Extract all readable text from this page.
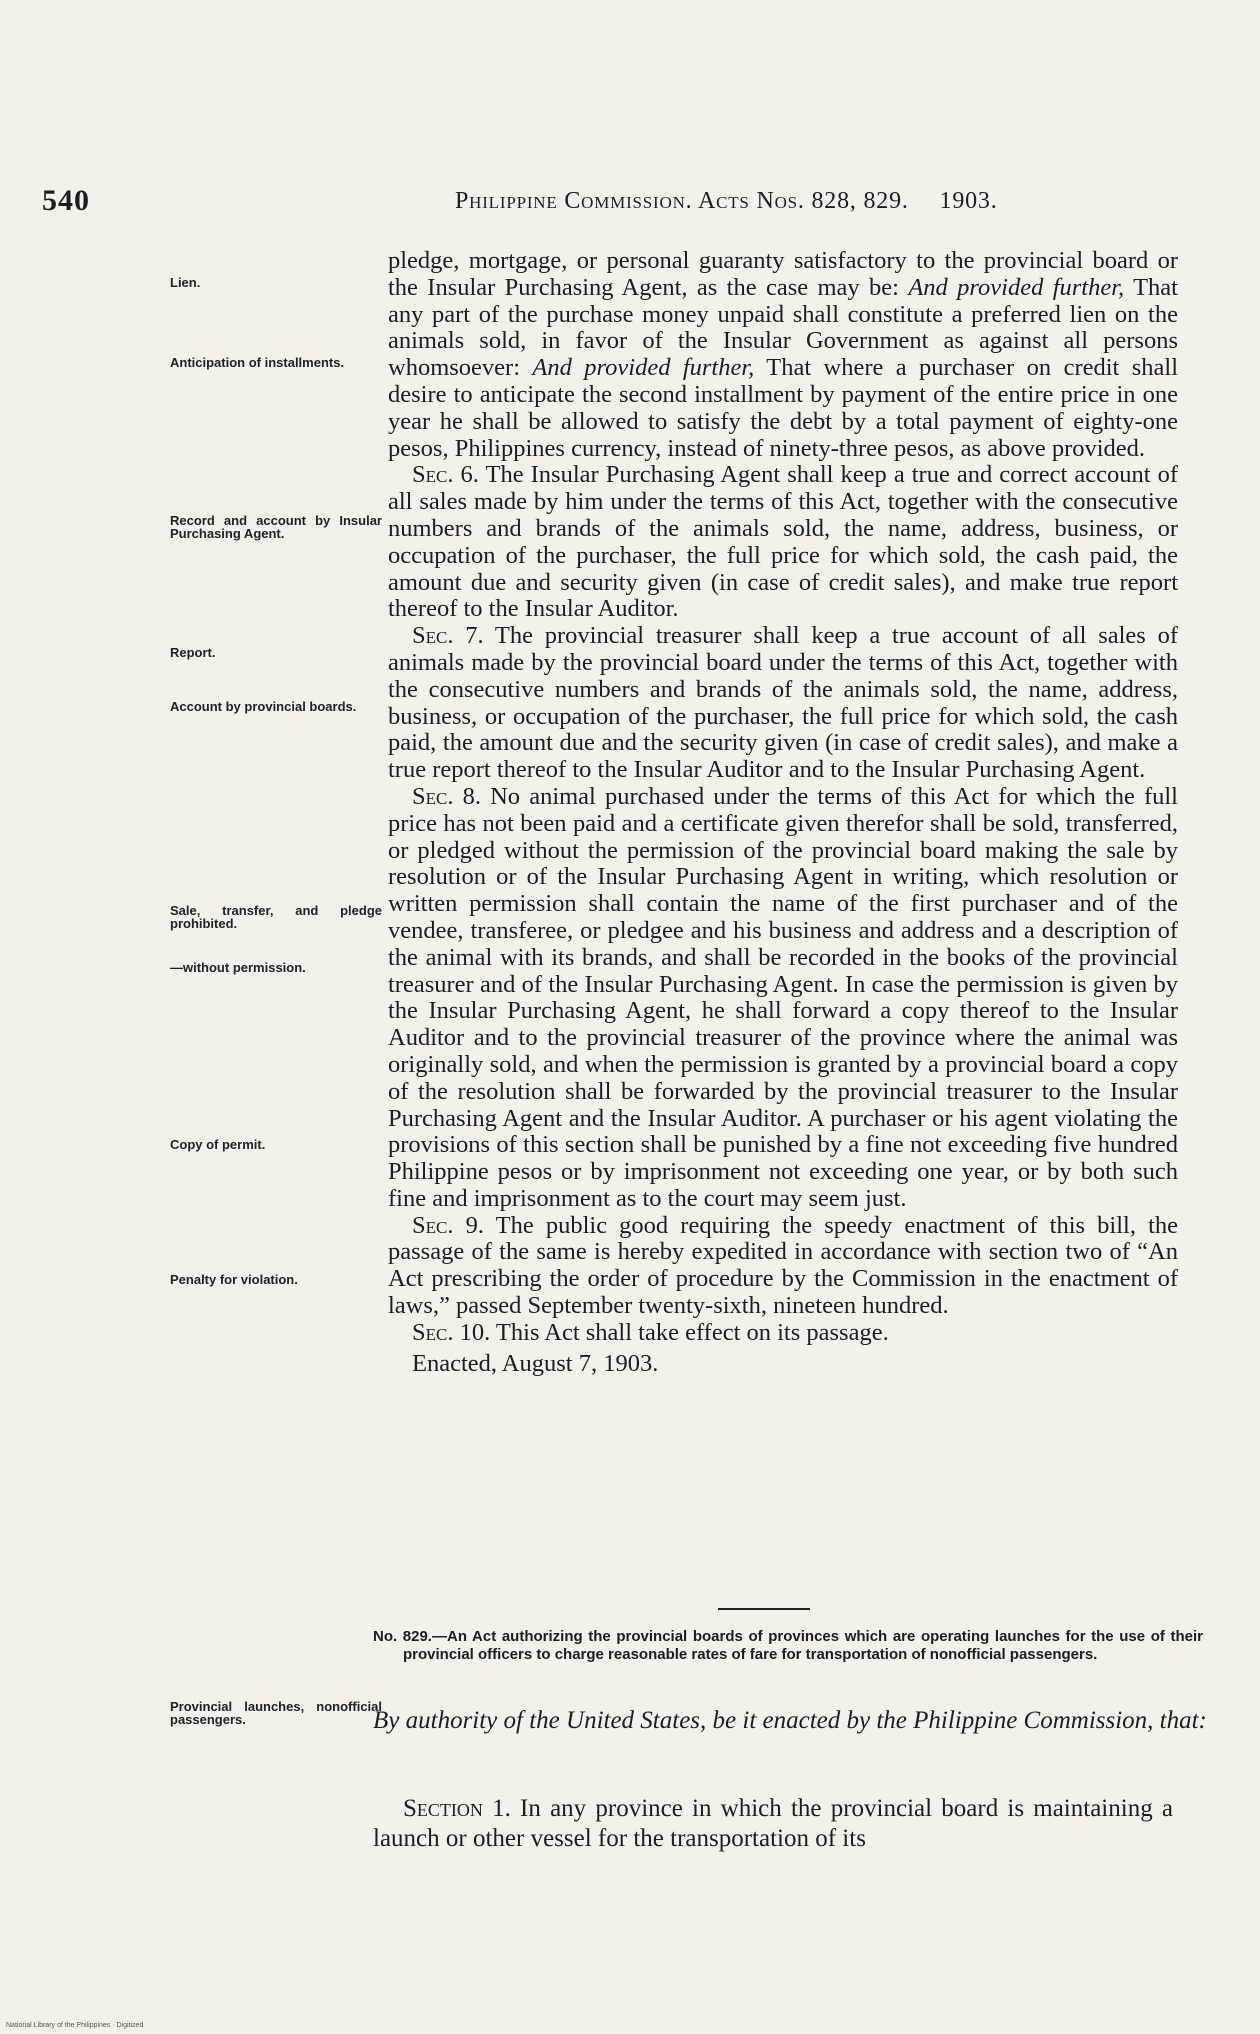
540	Philippine Commission. Acts Nos. 828, 829. 1903.
Lien.
Anticipation of installments.
Record and account by Insular Purchasing Agent.
Report.
Account by provincial boards.
Sale, transfer, and pledge prohibited.
—without permission.
Copy of permit.
Penalty for violation.
Provincial launches, nonofficial passengers.

pledge, mortgage, or personal guaranty satisfactory to the provincial board or the Insular Purchasing Agent, as the case may be: And provided further, That any part of the purchase money unpaid shall constitute a preferred lien on the animals sold, in favor of the Insular Government as against all persons whomsoever: And provided further, That where a purchaser on credit shall desire to anticipate the second installment by payment of the entire price in one year he shall be allowed to satisfy the debt by a total payment of eighty-one pesos, Philippines currency, instead of ninety-three pesos, as above provided.

Sec. 6. The Insular Purchasing Agent shall keep a true and correct account of all sales made by him under the terms of this Act, together with the consecutive numbers and brands of the animals sold, the name, address, business, or occupation of the purchaser, the full price for which sold, the cash paid, the amount due and security given (in case of credit sales), and make true report thereof to the Insular Auditor.

Sec. 7. The provincial treasurer shall keep a true account of all sales of animals made by the provincial board under the terms of this Act, together with the consecutive numbers and brands of the animals sold, the name, address, business, or occupation of the purchaser, the full price for which sold, the cash paid, the amount due and the security given (in case of credit sales), and make a true report thereof to the Insular Auditor and to the Insular Purchasing Agent.

Sec. 8. No animal purchased under the terms of this Act for which the full price has not been paid and a certificate given therefor shall be sold, transferred, or pledged without the permission of the provincial board making the sale by resolution or of the Insular Purchasing Agent in writing, which resolution or written permission shall contain the name of the first purchaser and of the vendee, transferee, or pledgee and his business and address and a description of the animal with its brands, and shall be recorded in the books of the provincial treasurer and of the Insular Purchasing Agent. In case the permission is given by the Insular Purchasing Agent, he shall forward a copy thereof to the Insular Auditor and to the provincial treasurer of the province where the animal was originally sold, and when the permission is granted by a provincial board a copy of the resolution shall be forwarded by the provincial treasurer to the Insular Purchasing Agent and the Insular Auditor. A purchaser or his agent violating the provisions of this section shall be punished by a fine not exceeding five hundred Philippine pesos or by imprisonment not exceeding one year, or by both such fine and imprisonment as to the court may seem just.

Sec. 9. The public good requiring the speedy enactment of this bill, the passage of the same is hereby expedited in accordance with section two of “An Act prescribing the order of procedure by the Commission in the enactment of laws,” passed September twenty-sixth, nineteen hundred.

Sec. 10. This Act shall take effect on its passage.

Enacted, August 7, 1903.

No. 829.—An Act authorizing the provincial boards of provinces which are operating launches for the use of their provincial officers to charge reasonable rates of fare for transportation of nonofficial passengers.
By authority of the United States, be it enacted by the Philippine Commission, that:
Section 1. In any province in which the provincial board is maintaining a launch or other vessel for the transportation of its
National Library of the Philippines · Digitized
